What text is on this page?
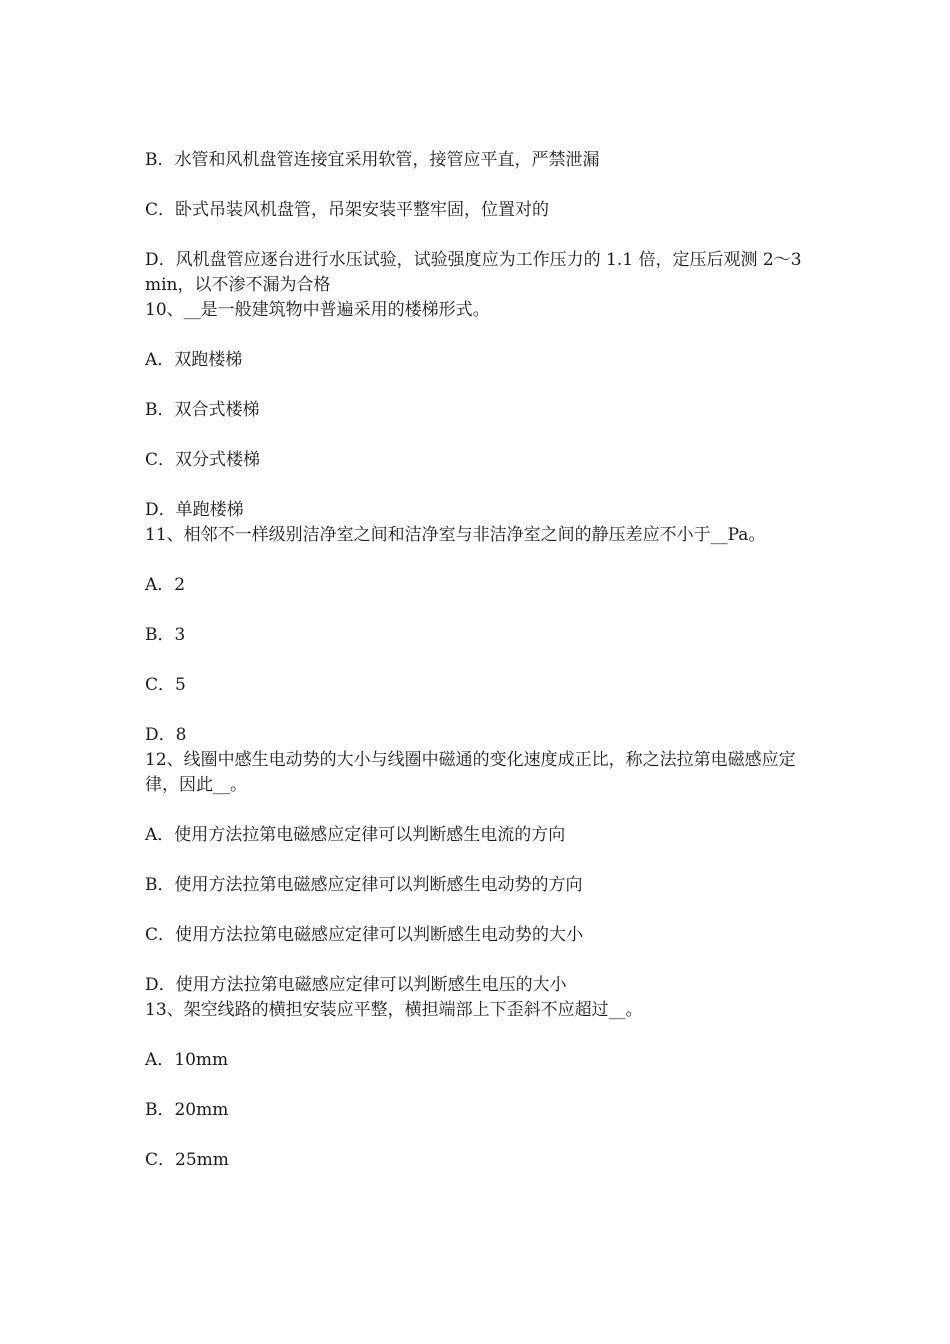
B．水管和风机盘管连接宜采用软管，接管应平直，严禁泄漏

C．卧式吊装风机盘管，吊架安装平整牢固，位置对的

D．风机盘管应逐台进行水压试验，试验强度应为工作压力的 1.1 倍，定压后观测 2～3min，以不渗不漏为合格

10、__是一般建筑物中普遍采用的楼梯形式。

A．双跑楼梯

B．双合式楼梯

C．双分式楼梯

D．单跑楼梯

11、相邻不一样级别洁净室之间和洁净室与非洁净室之间的静压差应不小于__Pa。

A．2

B．3

C．5

D．8

12、线圈中感生电动势的大小与线圈中磁通的变化速度成正比，称之法拉第电磁感应定律，因此__。

A．使用方法拉第电磁感应定律可以判断感生电流的方向

B．使用方法拉第电磁感应定律可以判断感生电动势的方向

C．使用方法拉第电磁感应定律可以判断感生电动势的大小

D．使用方法拉第电磁感应定律可以判断感生电压的大小

13、架空线路的横担安装应平整，横担端部上下歪斜不应超过__。

A．10mm

B．20mm

C．25mm
